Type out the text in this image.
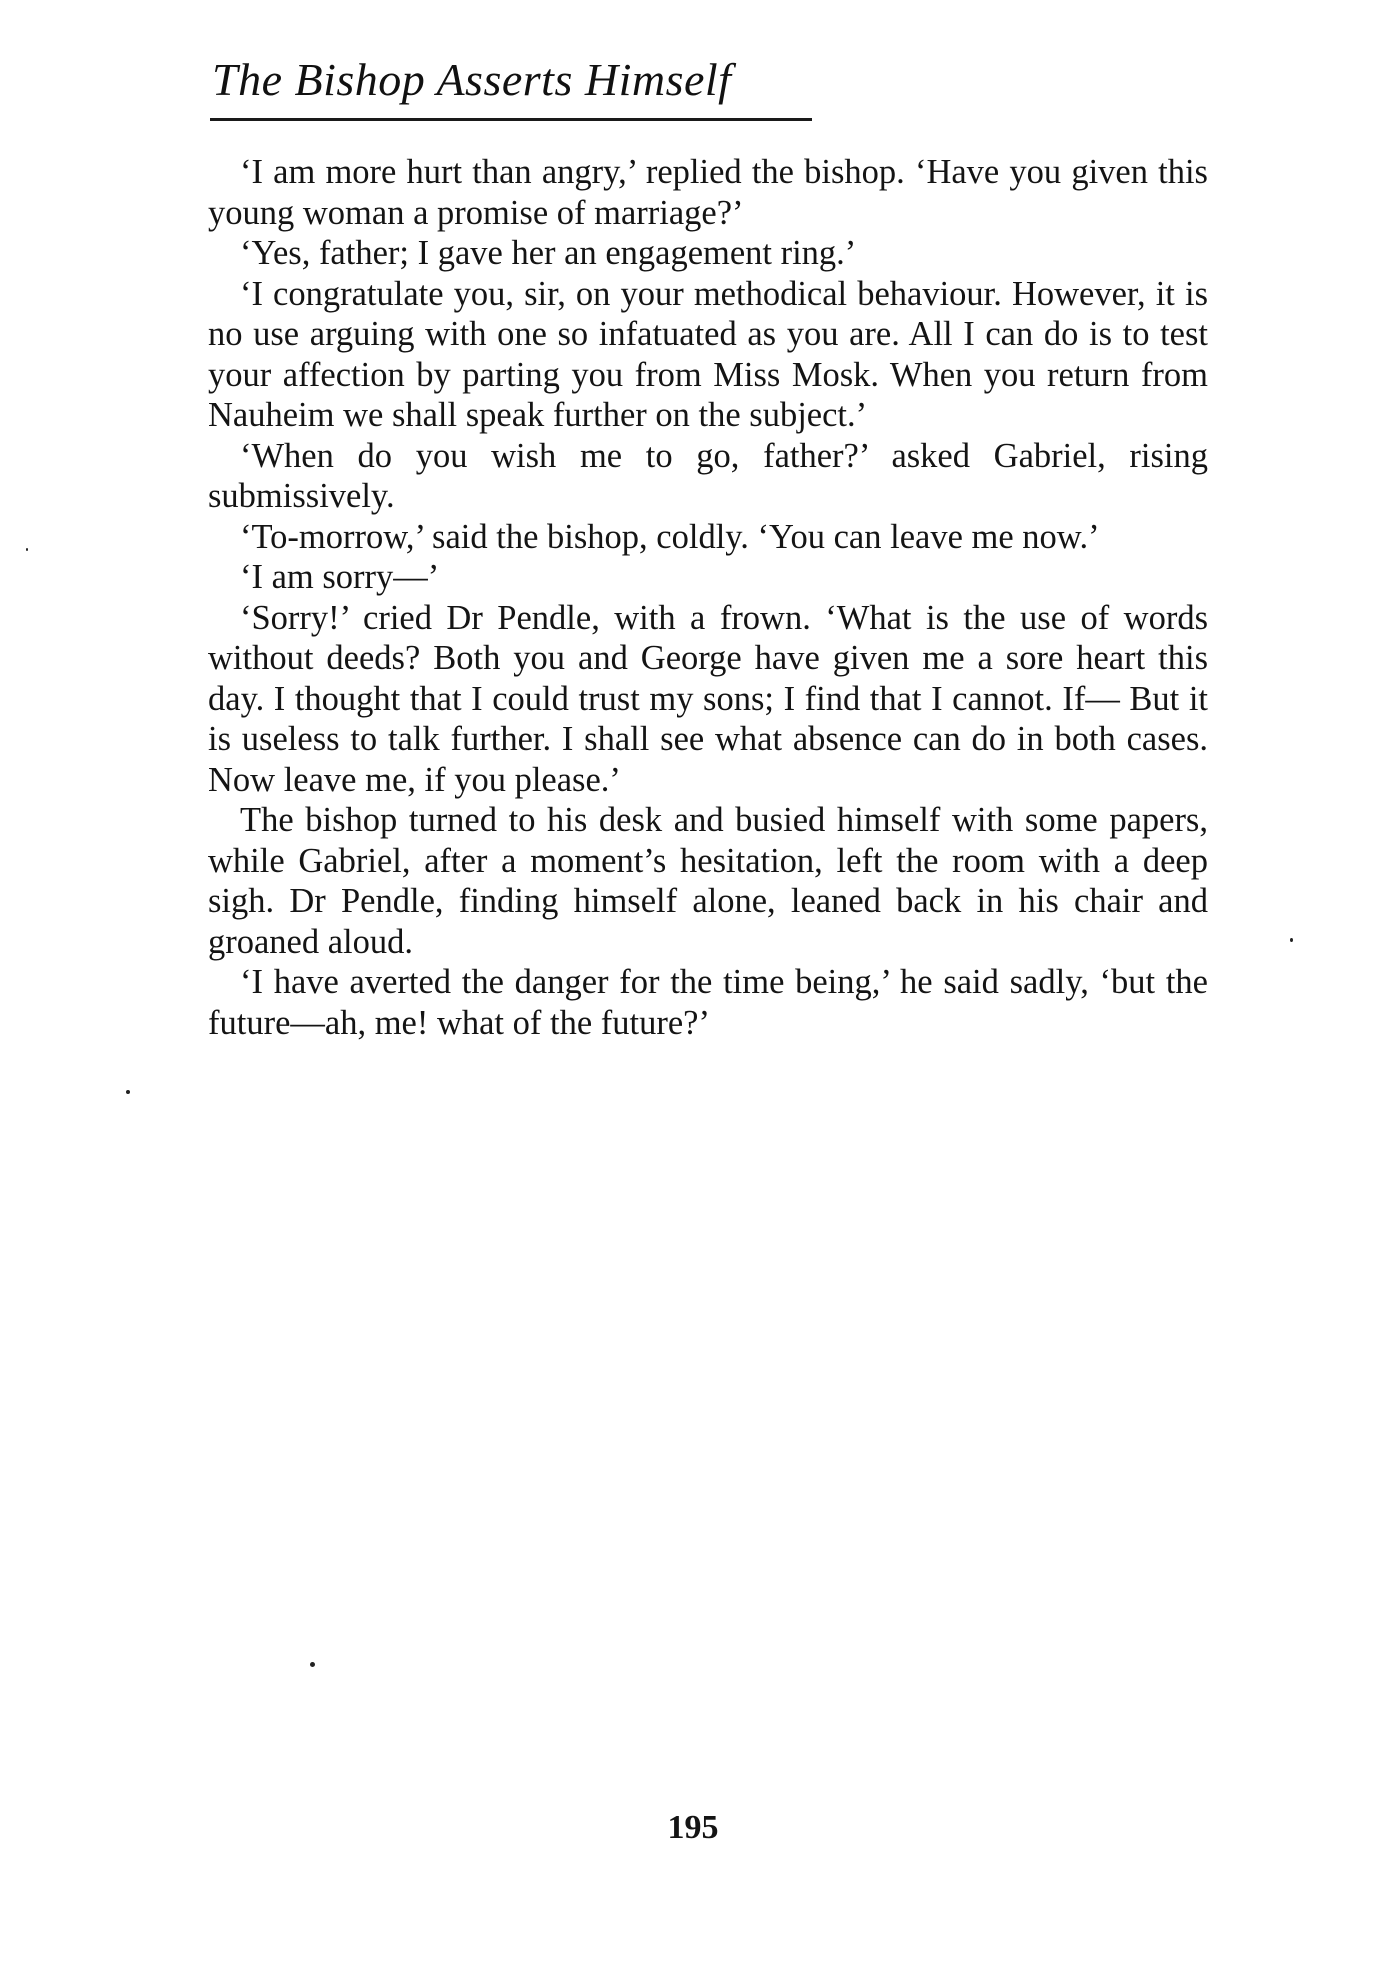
The Bishop Asserts Himself

‘I am more hurt than angry,’ replied the bishop. ‘Have you given this young woman a promise of marriage?’

‘Yes, father; I gave her an engagement ring.’

‘I congratulate you, sir, on your methodical behaviour. However, it is no use arguing with one so infatuated as you are. All I can do is to test your affection by parting you from Miss Mosk. When you return from Nauheim we shall speak further on the subject.’

‘When do you wish me to go, father?’ asked Gabriel, rising submissively.

‘To-morrow,’ said the bishop, coldly. ‘You can leave me now.’

‘I am sorry—’

‘Sorry!’ cried Dr Pendle, with a frown. ‘What is the use of words without deeds? Both you and George have given me a sore heart this day. I thought that I could trust my sons; I find that I cannot. If— But it is useless to talk further. I shall see what absence can do in both cases. Now leave me, if you please.’

The bishop turned to his desk and busied himself with some papers, while Gabriel, after a moment’s hesitation, left the room with a deep sigh. Dr Pendle, finding himself alone, leaned back in his chair and groaned aloud.

‘I have averted the danger for the time being,’ he said sadly, ‘but the future—ah, me! what of the future?’

195
